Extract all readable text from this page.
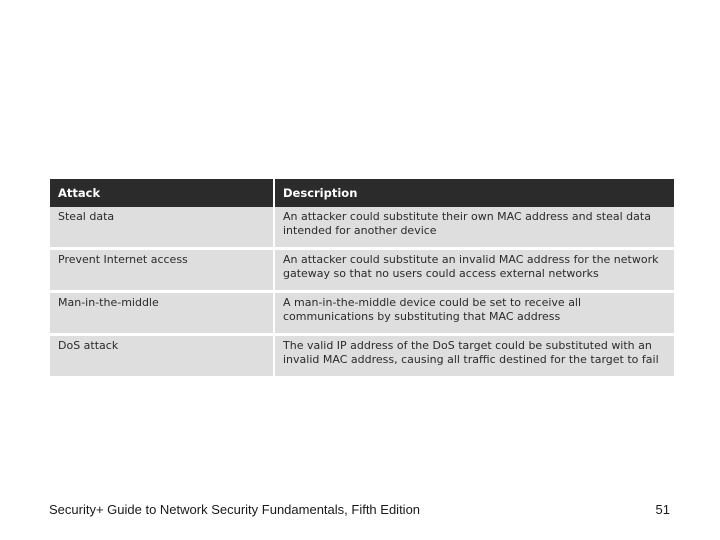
Attack	Description
Steal data	An attacker could substitute their own MAC address and steal data intended for another device
Prevent Internet access	An attacker could substitute an invalid MAC address for the network gateway so that no users could access external networks
Man-in-the-middle	A man-in-the-middle device could be set to receive all communications by substituting that MAC address
DoS attack	The valid IP address of the DoS target could be substituted with an invalid MAC address, causing all traffic destined for the target to fail
Security+ Guide to Network Security Fundamentals, Fifth Edition	51
